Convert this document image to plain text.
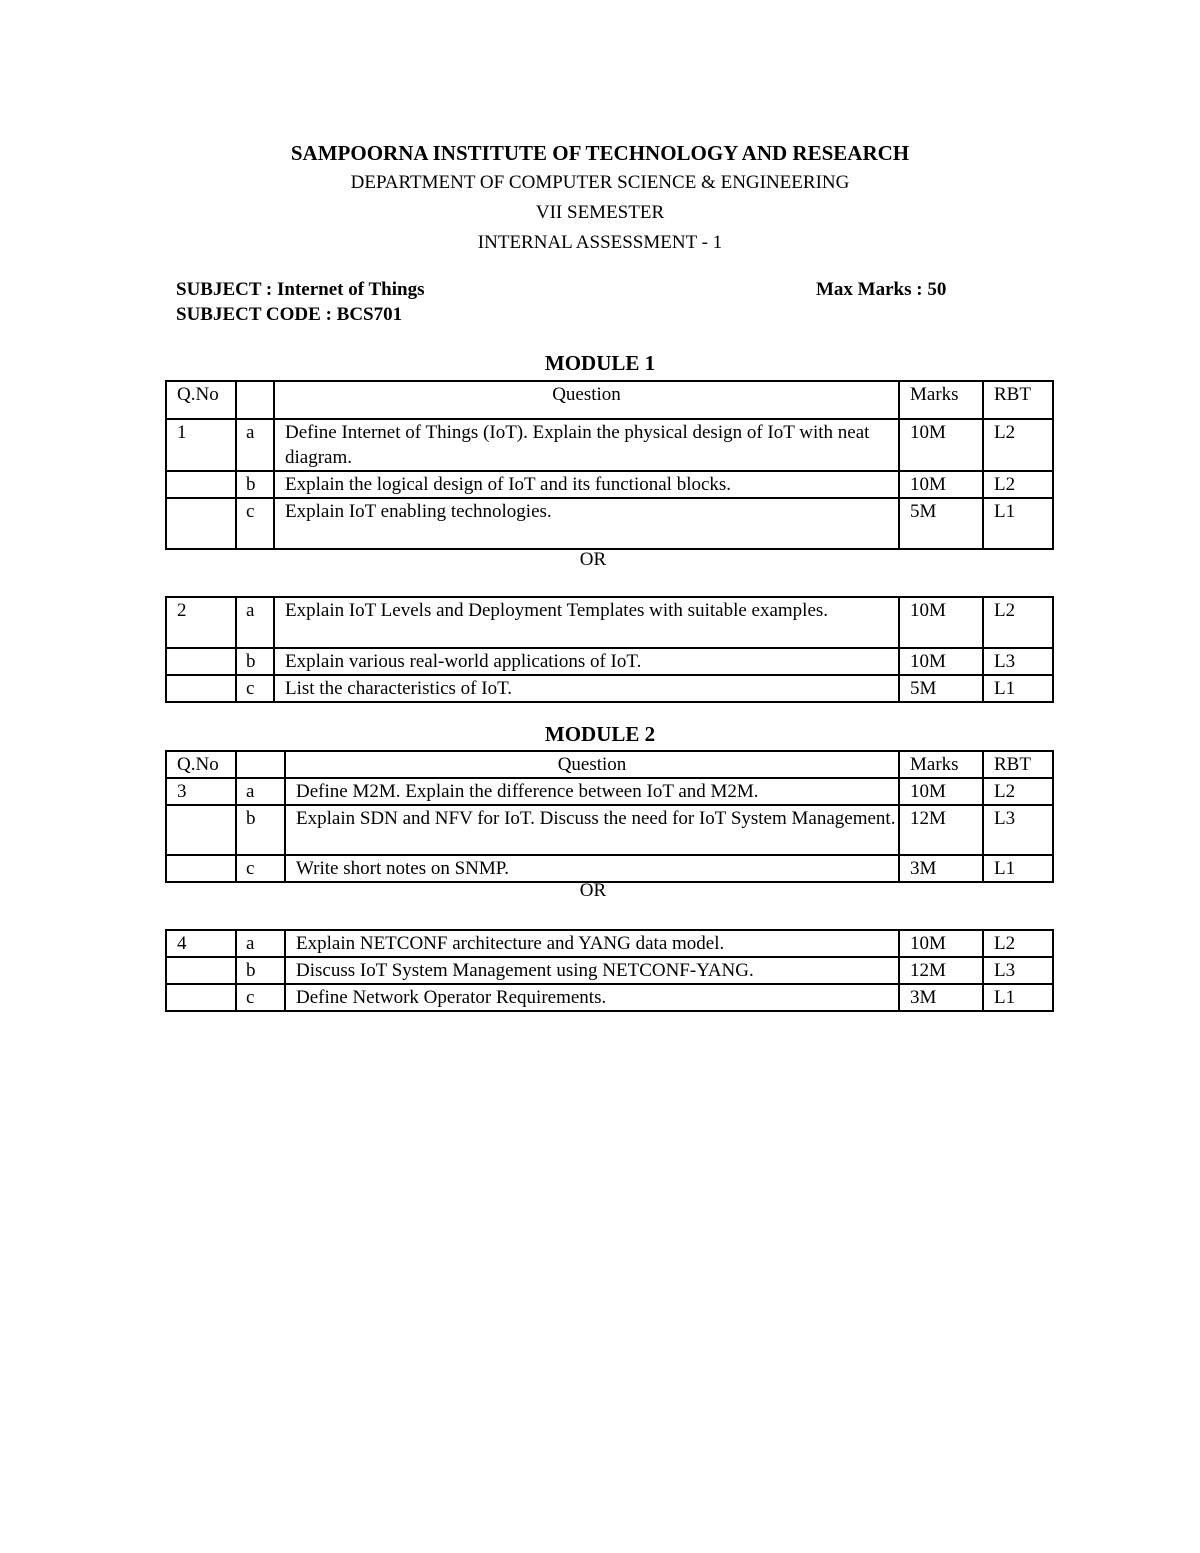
SAMPOORNA INSTITUTE OF TECHNOLOGY AND RESEARCH
DEPARTMENT OF COMPUTER SCIENCE & ENGINEERING
VII SEMESTER
INTERNAL ASSESSMENT - 1
SUBJECT : Internet of Things
SUBJECT CODE : BCS701
Max Marks : 50
MODULE 1
Q.No		Question	Marks	RBT
1	a	Define Internet of Things (IoT). Explain the physical design of IoT with neat diagram.	10M	L2
	b	Explain the logical design of IoT and its functional blocks.	10M	L2
	c	Explain IoT enabling technologies.	5M	L1
OR
2	a	Explain IoT Levels and Deployment Templates with suitable examples.	10M	L2
	b	Explain various real-world applications of IoT.	10M	L3
	c	List the characteristics of IoT.	5M	L1
MODULE 2
Q.No		Question	Marks	RBT
3	a	Define M2M. Explain the difference between IoT and M2M.	10M	L2
	b	Explain SDN and NFV for IoT. Discuss the need for IoT System Management.	12M	L3
	c	Write short notes on SNMP.	3M	L1
OR
4	a	Explain NETCONF architecture and YANG data model.	10M	L2
	b	Discuss IoT System Management using NETCONF-YANG.	12M	L3
	c	Define Network Operator Requirements.	3M	L1
